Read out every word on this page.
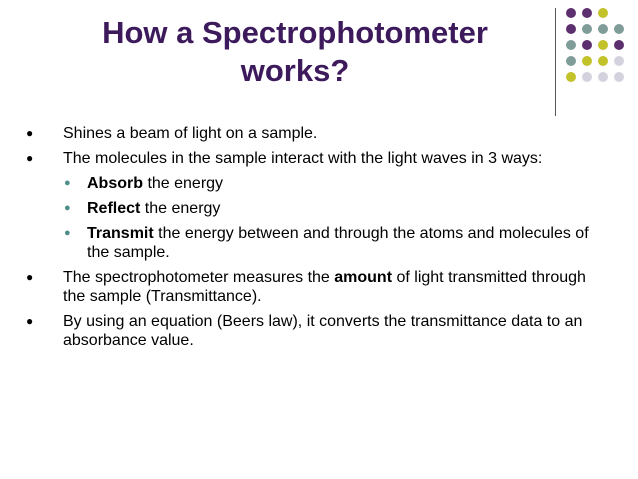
How a Spectrophotometer
works?
● Shines a beam of light on a sample.
● The molecules in the sample interact with the light waves in 3 ways:
● Absorb the energy
● Reflect the energy
● Transmit the energy between and through the atoms and molecules of the sample.
● The spectrophotometer measures the amount of light transmitted through the sample (Transmittance).
● By using an equation (Beers law), it converts the transmittance data to an absorbance value.
